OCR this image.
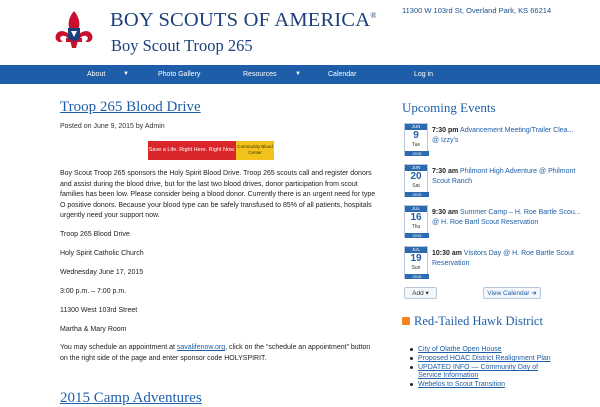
BOY SCOUTS OF AMERICA®
Boy Scout Troop 265
11300 W 103rd St, Overland Park, KS 66214
About	▼	Photo Gallery	Resources	▼	Calendar	Log in
Troop 265 Blood Drive
Posted on June 9, 2015 by Admin
Save a Life. Right Here. Right Now.
Community Blood Center
Boy Scout Troop 265 sponsors the Holy Spirit Blood Drive. Troop 265 scouts call and register donors and assist during the blood drive, but for the last two blood drives, donor participation from scout families has been low. Please consider being a blood donor. Currently there is an urgent need for type O positive donors. Because your blood type can be safely transfused to 85% of all patients, hospitals urgently need your support now.
Troop 265 Blood Drive
Holy Spirit Catholic Church
Wednesday June 17, 2015
3:00 p.m. – 7:00 p.m.
11300 West 103rd Street
Martha & Mary Room
You may schedule an appointment at savalifenow.org, click on the “schedule an appointment” button on the right side of the page and enter sponsor code HOLYSPIRIT.
2015 Camp Adventures
Upcoming Events
JUN
9
Tue
2015
7:30 pm Advancement Meeting/Trailer Clea... @ Izzy's
JUN
20
Sat
2015
7:30 am Philmont High Adventure @ Philmont Scout Ranch
JUL
16
Thu
2015
9:30 am Summer Camp – H. Roe Bartle Scou... @ H. Roe Bartl Scout Reservation
JUL
19
Sun
2015
10:30 am Visitors Day @ H. Roe Bartle Scout Reservation
Add ▾	View Calendar ➜
Red-Tailed Hawk District
City of Olathe Open House
Proposed HOAC District Realignment Plan
UPDATED INFO — Community Day of Service Information
Webelos to Scout Transition
